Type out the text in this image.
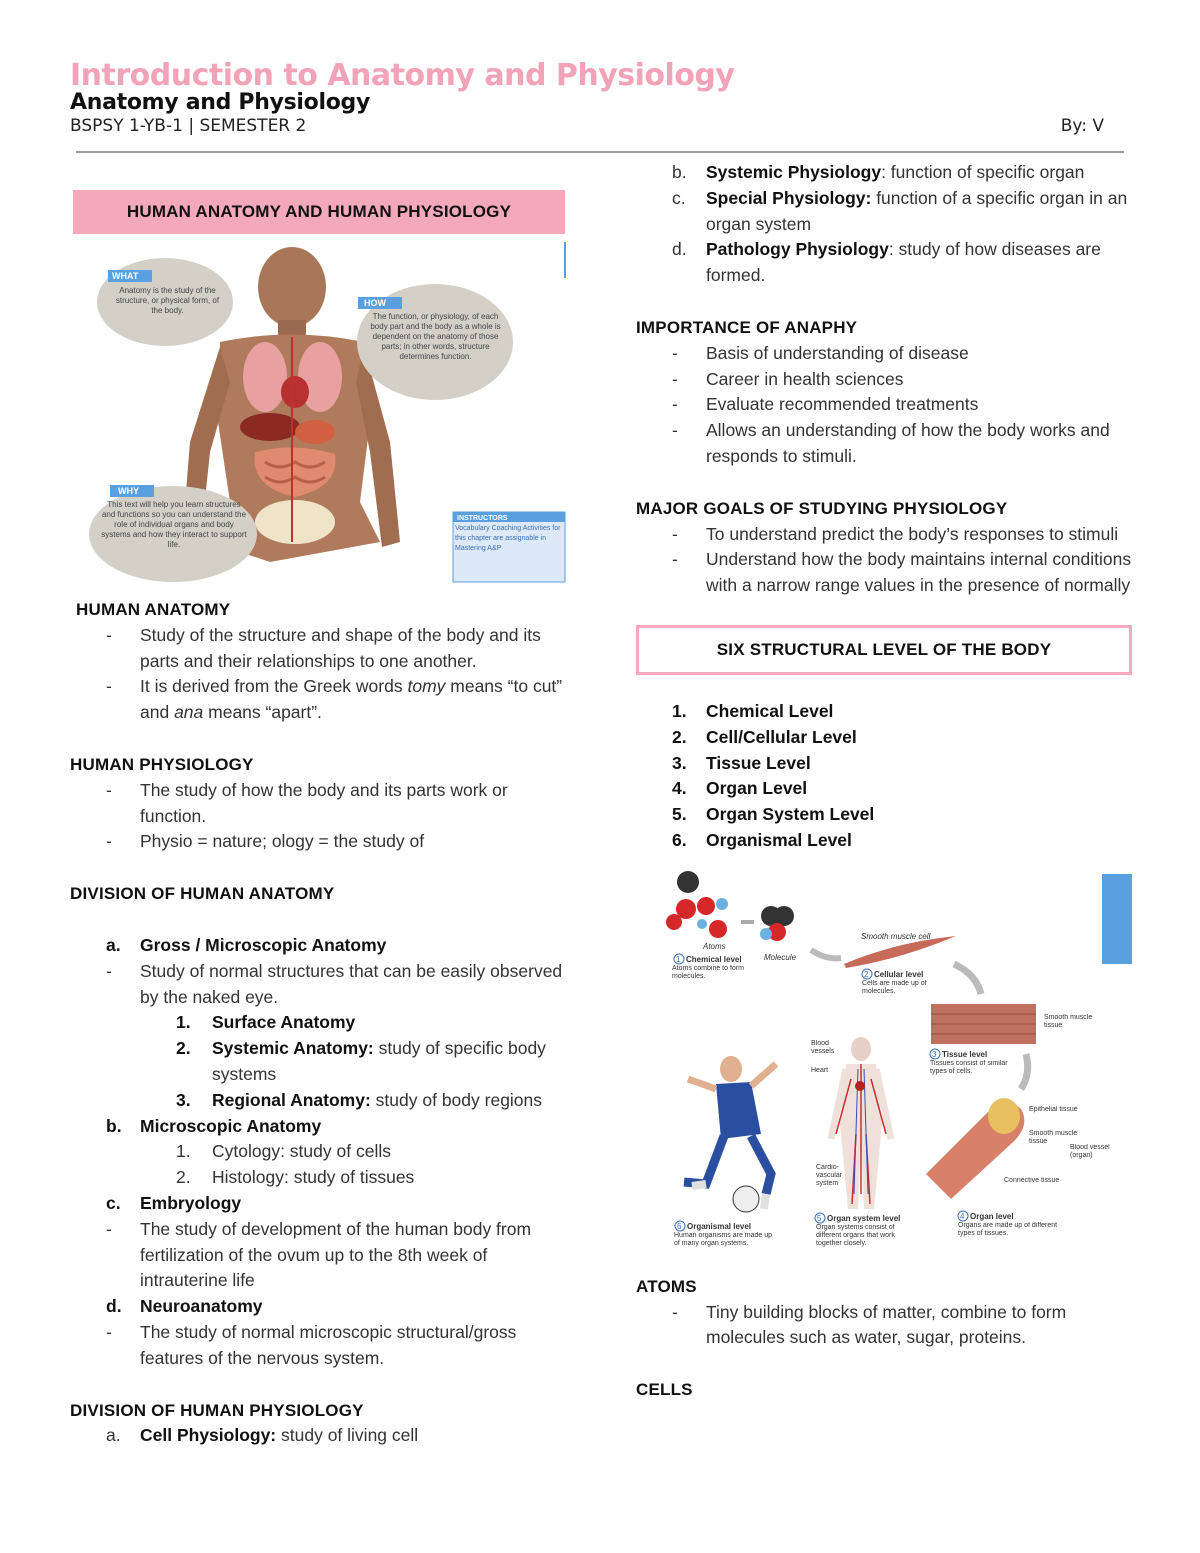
Introduction to Anatomy and Physiology
Anatomy and Physiology
BSPSY 1-YB-1 | SEMESTER 2	By: V
HUMAN ANATOMY AND HUMAN PHYSIOLOGY
WHAT
Anatomy is the study of the structure, or physical form, of the body.
HOW
The function, or physiology, of each body part and the body as a whole is dependent on the anatomy of those parts; in other words, structure determines function.
WHY
This text will help you learn structures and functions so you can understand the role of individual organs and body systems and how they interact to support life.
INSTRUCTORS
Vocabulary Coaching Activities for this chapter are assignable in Mastering A&P
HUMAN ANATOMY
-	Study of the structure and shape of the body and its parts and their relationships to one another.
-	It is derived from the Greek words tomy means “to cut” and ana means “apart”.
HUMAN PHYSIOLOGY
-	The study of how the body and its parts work or function.
-	Physio = nature; ology = the study of
DIVISION OF HUMAN ANATOMY
a.	Gross / Microscopic Anatomy
-	Study of normal structures that can be easily observed by the naked eye.
1.	Surface Anatomy
2.	Systemic Anatomy: study of specific body systems
3.	Regional Anatomy: study of body regions
b.	Microscopic Anatomy
1.	Cytology: study of cells
2.	Histology: study of tissues
c.	Embryology
-	The study of development of the human body from fertilization of the ovum up to the 8th week of intrauterine life
d.	Neuroanatomy
-	The study of normal microscopic structural/gross features of the nervous system.
DIVISION OF HUMAN PHYSIOLOGY
a.	Cell Physiology: study of living cell
b.	Systemic Physiology: function of specific organ
c.	Special Physiology: function of a specific organ in an organ system
d.	Pathology Physiology: study of how diseases are formed.
IMPORTANCE OF ANAPHY
-	Basis of understanding of disease
-	Career in health sciences
-	Evaluate recommended treatments
-	Allows an understanding of how the body works and responds to stimuli.
MAJOR GOALS OF STUDYING PHYSIOLOGY
-	To understand predict the body’s responses to stimuli
-	Understand how the body maintains internal conditions with a narrow range values in the presence of normally
SIX STRUCTURAL LEVEL OF THE BODY
1.	Chemical Level
2.	Cell/Cellular Level
3.	Tissue Level
4.	Organ Level
5.	Organ System Level
6.	Organismal Level
Atoms
Molecule
1 Chemical level
Atoms combine to form molecules.
Smooth muscle cell
2 Cellular level
Cells are made up of molecules.
Smooth muscle tissue
3 Tissue level
Tissues consist of similar types of cells.
Epithelial tissue
Smooth muscle tissue
Connective tissue
Blood vessel (organ)
4 Organ level
Organs are made up of different types of tissues.
Blood vessels
Heart
Cardio-vascular system
5 Organ system level
Organ systems consist of different organs that work together closely.
6 Organismal level
Human organisms are made up of many organ systems.
ATOMS
-	Tiny building blocks of matter, combine to form molecules such as water, sugar, proteins.
CELLS
